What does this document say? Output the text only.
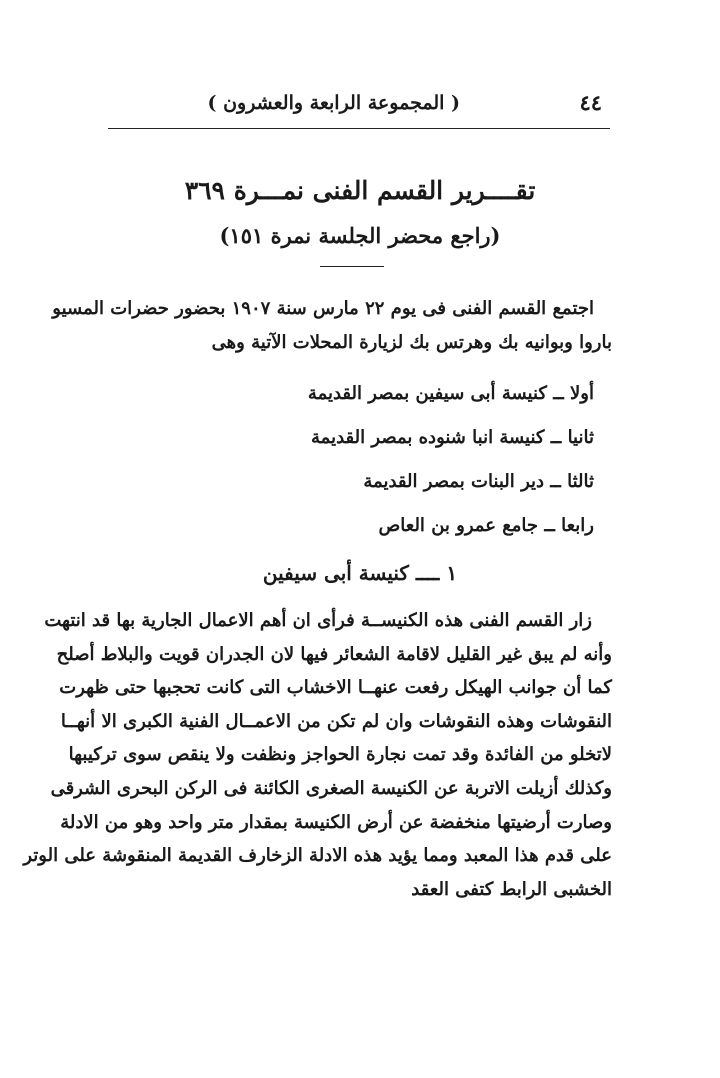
٤٤
( المجموعة الرابعة والعشرون )
تقــــرير القسم الفنى نمـــرة ٣٦٩
(راجع محضر الجلسة نمرة ١٥١)
اجتمع القسم الفنى فى يوم ٢٢ مارس سنة ١٩٠٧ بحضور حضرات المسيو
باروا وبوانيه بك وهرتس بك لزيارة المحلات الآتية وهى
أولا ــ كنيسة أبى سيفين بمصر القديمة
ثانيا ــ كنيسة انبا شنوده بمصر القديمة
ثالثا ــ دير البنات بمصر القديمة
رابعا ــ جامع عمرو بن العاص
١ ــــ كنيسة أبى سيفين
زار القسم الفنى هذه الكنيســة فرأى ان أهم الاعمال الجارية بها قد انتهت
وأنه لم يبق غير القليل لاقامة الشعائر فيها لان الجدران قويت والبلاط أصلح
كما أن جوانب الهيكل رفعت عنهــا الاخشاب التى كانت تحجبها حتى ظهرت
النقوشات وهذه النقوشات وان لم تكن من الاعمــال الفنية الكبرى الا أنهــا
لاتخلو من الفائدة وقد تمت نجارة الحواجز ونظفت ولا ينقص سوى تركيبها
وكذلك أزيلت الاتربة عن الكنيسة الصغرى الكائنة فى الركن البحرى الشرقى
وصارت أرضيتها منخفضة عن أرض الكنيسة بمقدار متر واحد وهو من الادلة
على قدم هذا المعبد ومما يؤيد هذه الادلة الزخارف القديمة المنقوشة على الوتر
الخشبى الرابط كتفى العقد
